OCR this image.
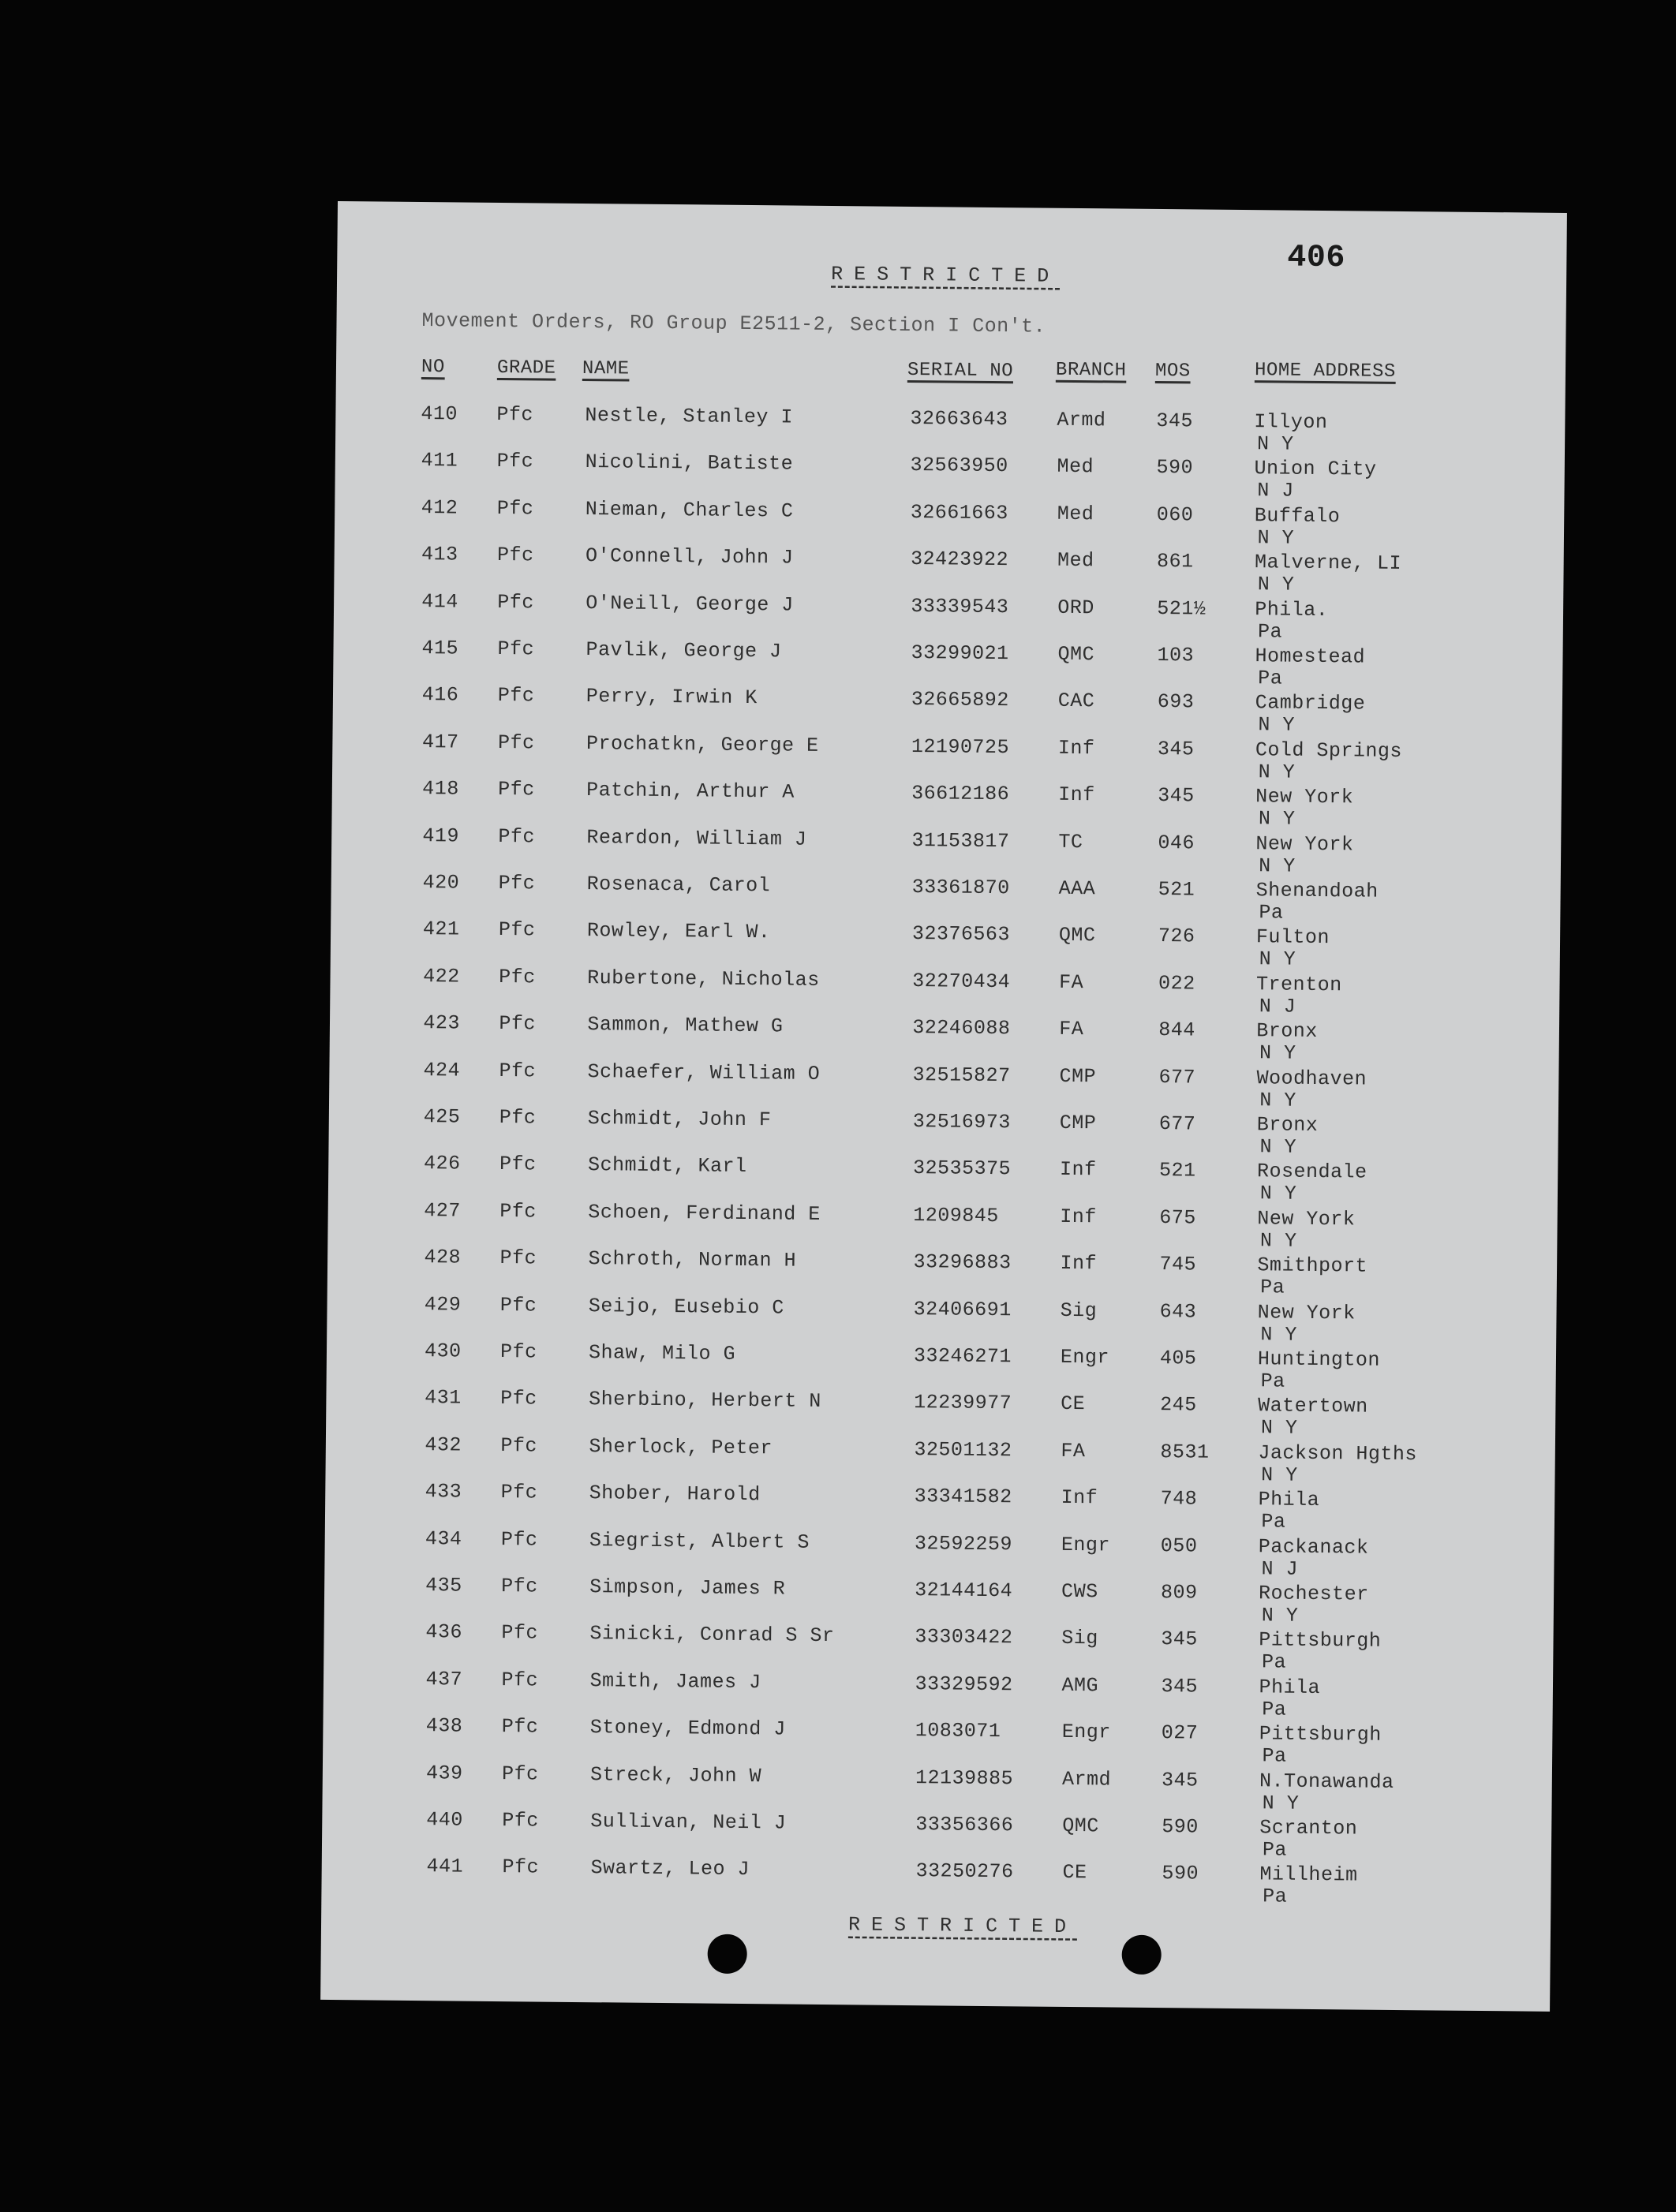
406
RESTRICTED
Movement Orders, RO Group E2511-2, Section I Con't.
NO	GRADE NAME	SERIAL NO BRANCH MOS	HOME ADDRESS
410 Pfc	Nestle, Stanley I	32663643 Armd	345	Illyon
N Y
411 Pfc	Nicolini, Batiste	32563950 Med	590	Union City
N J
412 Pfc	Nieman, Charles C	32661663 Med	060	Buffalo
N Y
413 Pfc	O'Connell, John J	32423922 Med	861	Malverne, LI
N Y
414 Pfc	O'Neill, George J	33339543 ORD	521½ Phila.
Pa
415 Pfc	Pavlik, George J	33299021 QMC	103	Homestead
Pa
416 Pfc	Perry, Irwin K	32665892 CAC	693	Cambridge
N Y
417 Pfc	Prochatkn, George E	12190725 Inf	345	Cold Springs
N Y
418 Pfc	Patchin, Arthur A	36612186 Inf	345	New York
N Y
419 Pfc	Reardon, William J	31153817 TC	046	New York
N Y
420 Pfc	Rosenaca, Carol	33361870 AAA	521	Shenandoah
Pa
421 Pfc	Rowley, Earl W.	32376563 QMC	726	Fulton
N Y
422 Pfc	Rubertone, Nicholas	32270434 FA	022	Trenton
N J
423 Pfc	Sammon, Mathew G	32246088 FA	844	Bronx
N Y
424 Pfc	Schaefer, William O	32515827 CMP	677	Woodhaven
N Y
425 Pfc	Schmidt, John F	32516973 CMP	677	Bronx
N Y
426 Pfc	Schmidt, Karl	32535375 Inf	521	Rosendale
N Y
427 Pfc	Schoen, Ferdinand E	1209845	Inf	675	New York
N Y
428 Pfc	Schroth, Norman H	33296883 Inf	745	Smithport
Pa
429 Pfc	Seijo, Eusebio C	32406691 Sig	643	New York
N Y
430 Pfc	Shaw, Milo G	33246271 Engr	405	Huntington
Pa
431 Pfc	Sherbino, Herbert N	12239977 CE	245	Watertown
N Y
432 Pfc	Sherlock, Peter	32501132 FA	8531 Jackson Hgths
N Y
433 Pfc	Shober, Harold	33341582 Inf	748	Phila
Pa
434 Pfc	Siegrist, Albert S	32592259 Engr	050	Packanack
N J
435 Pfc	Simpson, James R	32144164 CWS	809	Rochester
N Y
436 Pfc	Sinicki, Conrad S Sr	33303422 Sig	345	Pittsburgh
Pa
437 Pfc	Smith, James J	33329592 AMG	345	Phila
Pa
438 Pfc	Stoney, Edmond J	1083071	Engr	027	Pittsburgh
Pa
439 Pfc	Streck, John W	12139885 Armd	345	N.Tonawanda
N Y
440 Pfc	Sullivan, Neil J	33356366 QMC	590	Scranton
Pa
441 Pfc	Swartz, Leo J	33250276 CE	590	Millheim
Pa
RESTRICTED
